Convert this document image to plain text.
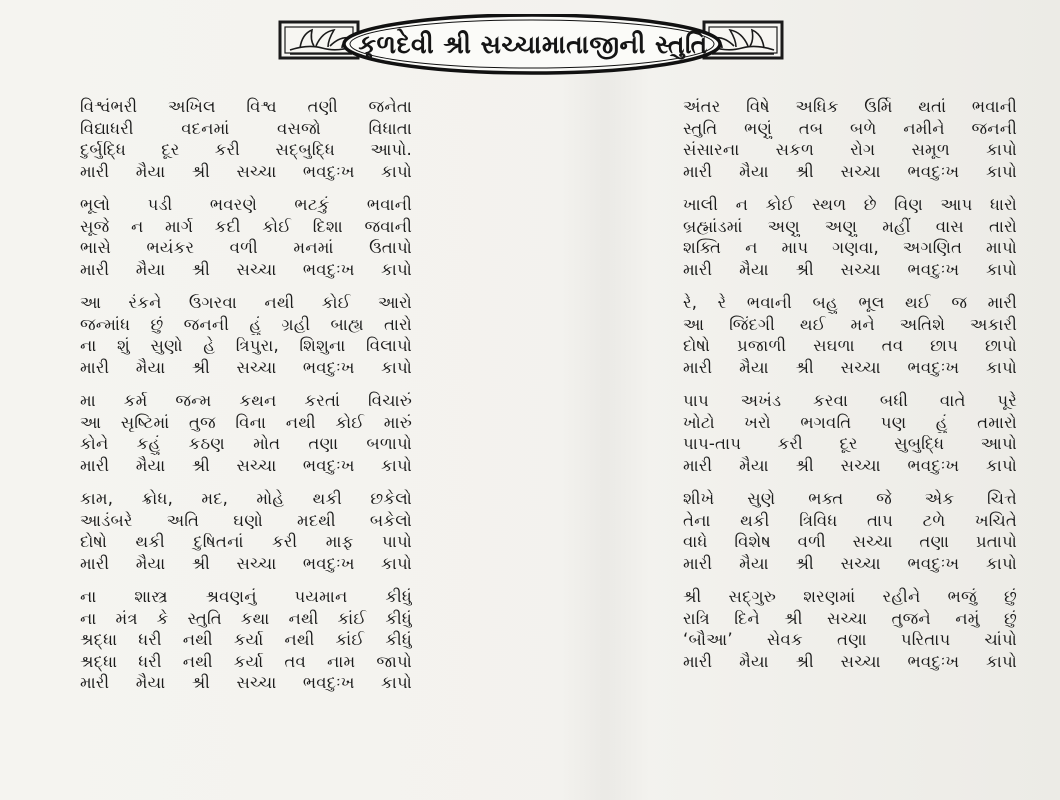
કુળદેવી શ્રી સચ્ચામાતાજીની સ્તુતિ
વિશ્વંભરી અખિલ વિશ્વ તણી જનેતા
વિદ્યાધરી વદનમાં વસજો વિધાતા
દુર્બુદ્ધિ દૂર કરી સદ્‌બુદ્ધિ આપો.
મારી મૈયા શ્રી સચ્ચા ભવદુઃખ કાપો
ભૂલો પડી ભવરણે ભટકું ભવાની
સૂજે ન માર્ગ કદી કોઈ દિશા જવાની
ભાસે ભયંકર વળી મનમાં ઉતાપો
મારી મૈયા શ્રી સચ્ચા ભવદુઃખ કાપો
આ રંકને ઉગરવા નથી કોઈ આરો
જન્માંધ છું જનની હું ગ્રહી બાહ્ય તારો
ના શું સુણો હે ત્રિપુરા, શિશુના વિલાપો
મારી મૈયા શ્રી સચ્ચા ભવદુઃખ કાપો
મા કર્મ જન્મ કથન કરતાં વિચારું
આ સૃષ્ટિમાં તુજ વિના નથી કોઈ મારું
કોને કહું કઠણ મોત તણા બળાપો
મારી મૈયા શ્રી સચ્ચા ભવદુઃખ કાપો
કામ, ક્રોધ, મદ, મોહે થકી છકેલો
આડંબરે અતિ ઘણો મદથી બકેલો
દોષો થકી દુષિતનાં કરી માફ પાપો
મારી મૈયા શ્રી સચ્ચા ભવદુઃખ કાપો
ના શાસ્ત્ર શ્રવણનું પયમાન કીધું
ના મંત્ર કે સ્તુતિ કથા નથી કાંઈ કીધું
શ્રદ્ધા ધરી નથી કર્યા નથી કાંઈ કીધું
શ્રદ્ધા ધરી નથી કર્યા તવ નામ જાપો
મારી મૈયા શ્રી સચ્ચા ભવદુઃખ કાપો
અંતર વિષે અધિક ઉર્મિ થતાં ભવાની
સ્તુતિ ભણું તબ બળે નમીને જનની
સંસારના સકળ રોગ સમૂળ કાપો
મારી મૈયા શ્રી સચ્ચા ભવદુઃખ કાપો
ખાલી ન કોઈ સ્થળ છે વિણ આપ ધારો
બ્રહ્માંડમાં અણુ અણુ મહીં વાસ તારો
શક્તિ ન માપ ગણવા, અગણિત માપો
મારી મૈયા શ્રી સચ્ચા ભવદુઃખ કાપો
રે, રે ભવાની બહુ ભૂલ થઈ જ મારી
આ જિંદગી થઈ મને અતિશે અકારી
દોષો પ્રજાળી સઘળા તવ છાપ છાપો
મારી મૈયા શ્રી સચ્ચા ભવદુઃખ કાપો
પાપ અખંડ કરવા બધી વાતે પૂરે
ખોટો ખરો ભગવતિ પણ હું તમારો
પાપ-તાપ કરી દૂર સુબુદ્ધિ આપો
મારી મૈયા શ્રી સચ્ચા ભવદુઃખ કાપો
શીખે સુણે ભક્ત જે એક ચિત્તે
તેના થકી ત્રિવિધ તાપ ટળે ખચિતે
વાધે વિશેષ વળી સચ્ચા તણા પ્રતાપો
મારી મૈયા શ્રી સચ્ચા ભવદુઃખ કાપો
શ્રી સદ્‌ગુરુ શરણમાં રહીને ભજું છું
રાત્રિ દિને શ્રી સચ્ચા તુજને નમું છું
‘બૌઆ’ સેવક તણા પરિતાપ ચાંપો
મારી મૈયા શ્રી સચ્ચા ભવદુઃખ કાપો
